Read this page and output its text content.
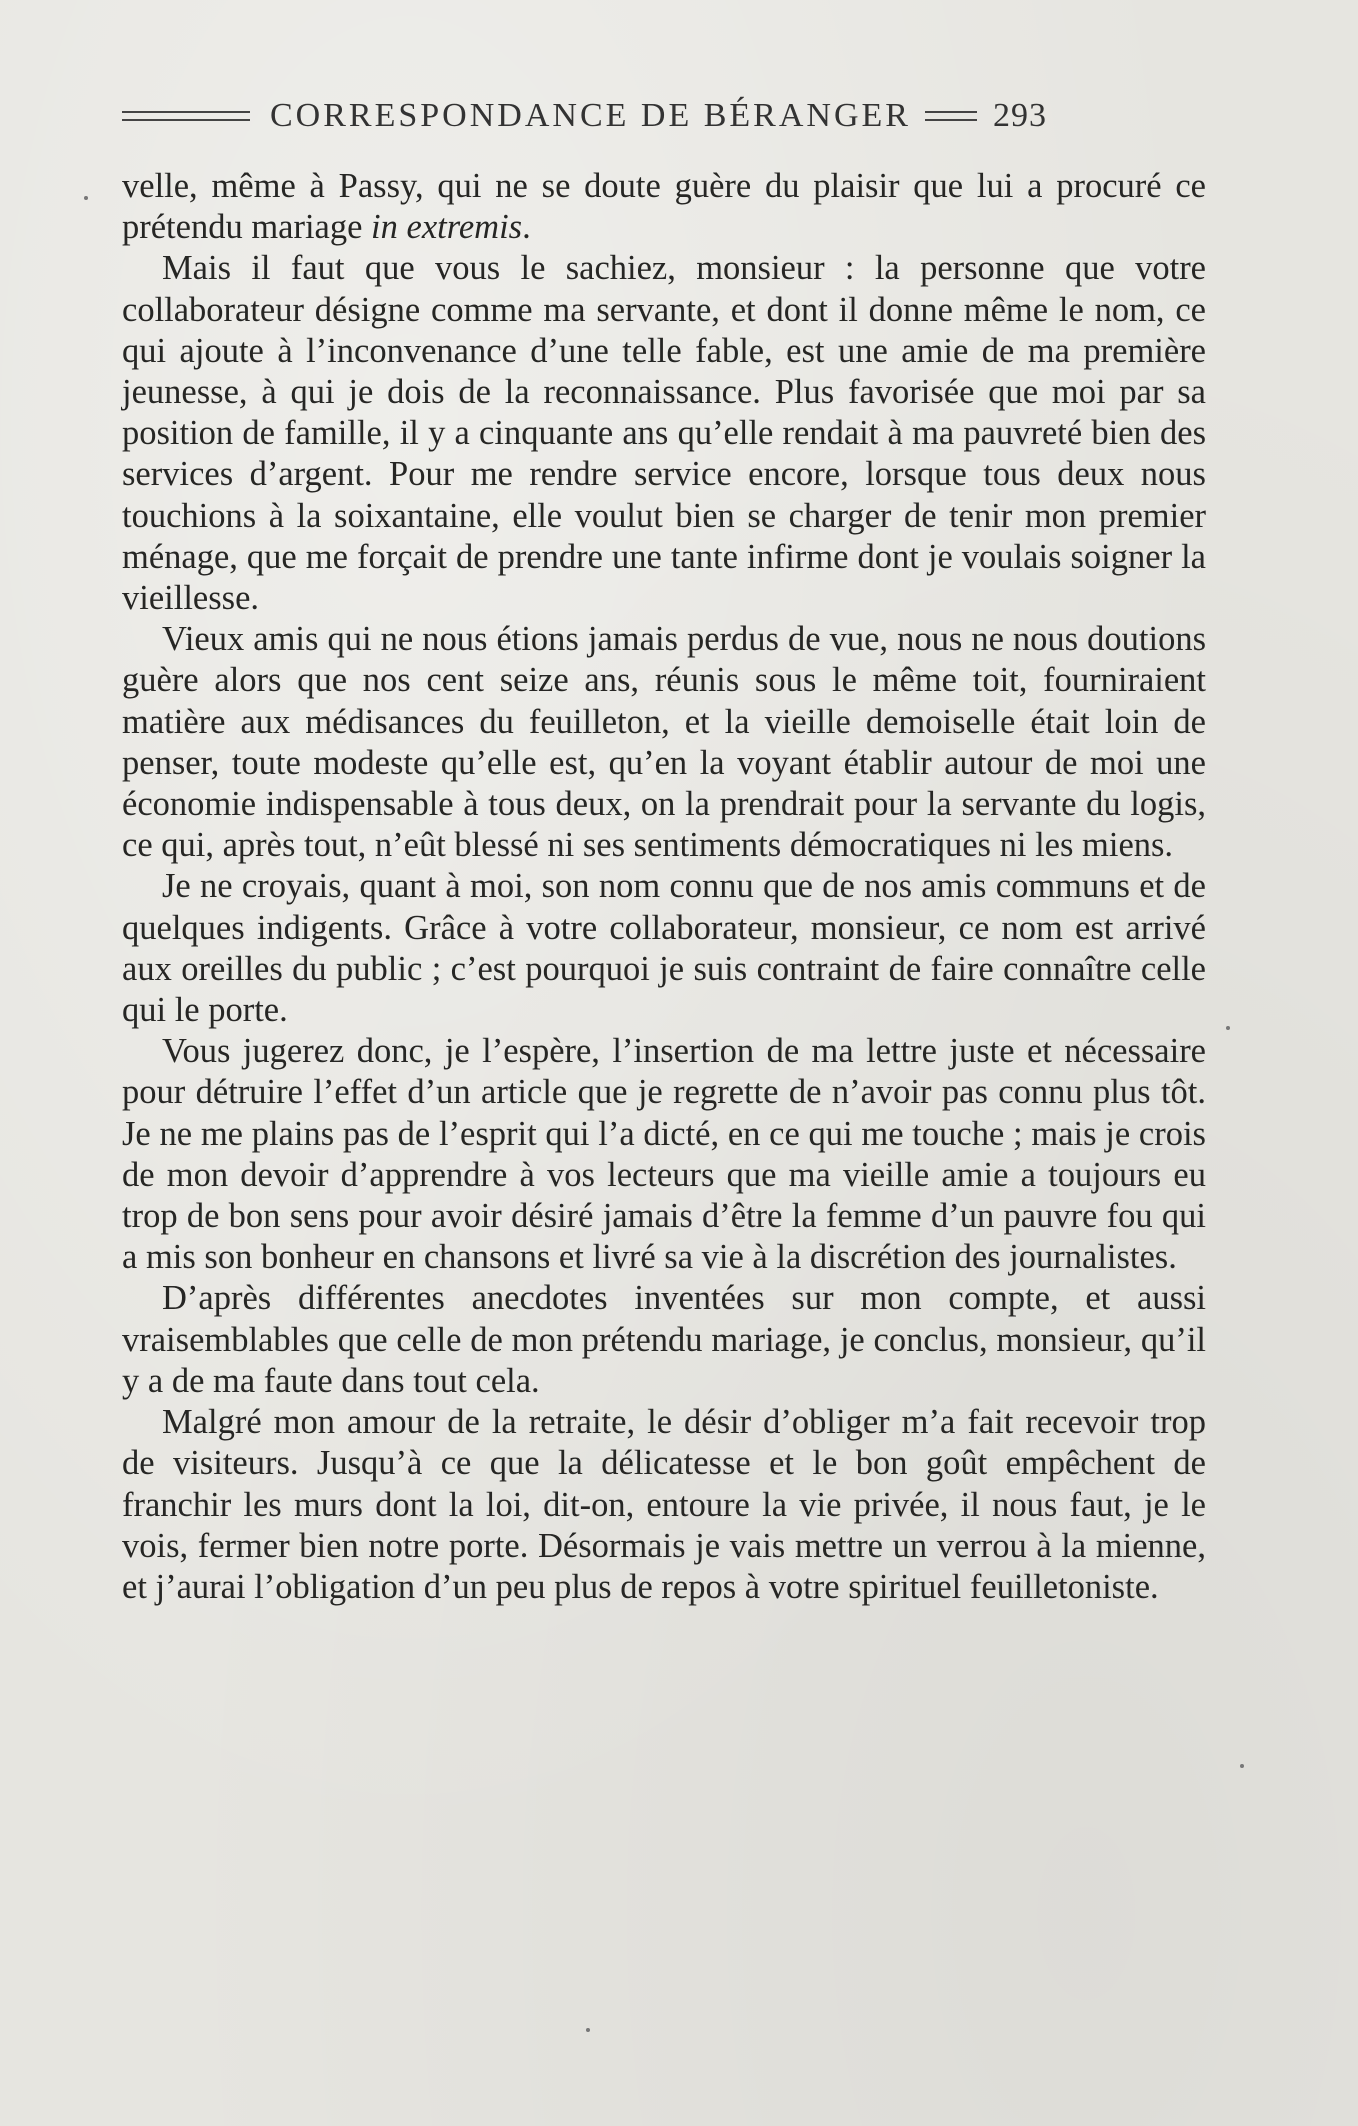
CORRESPONDANCE DE BÉRANGER 293

velle, même à Passy, qui ne se doute guère du plaisir que lui a procuré ce prétendu mariage in extremis.

Mais il faut que vous le sachiez, monsieur : la personne que votre collaborateur désigne comme ma servante, et dont il donne même le nom, ce qui ajoute à l’inconvenance d’une telle fable, est une amie de ma première jeunesse, à qui je dois de la reconnaissance. Plus favorisée que moi par sa position de famille, il y a cinquante ans qu’elle rendait à ma pauvreté bien des services d’argent. Pour me rendre service encore, lorsque tous deux nous touchions à la soixantaine, elle voulut bien se charger de tenir mon premier ménage, que me forçait de prendre une tante infirme dont je voulais soigner la vieillesse.

Vieux amis qui ne nous étions jamais perdus de vue, nous ne nous doutions guère alors que nos cent seize ans, réunis sous le même toit, fourniraient matière aux médisances du feuilleton, et la vieille demoiselle était loin de penser, toute modeste qu’elle est, qu’en la voyant établir autour de moi une économie indispensable à tous deux, on la prendrait pour la servante du logis, ce qui, après tout, n’eût blessé ni ses sentiments démocratiques ni les miens.

Je ne croyais, quant à moi, son nom connu que de nos amis communs et de quelques indigents. Grâce à votre collaborateur, monsieur, ce nom est arrivé aux oreilles du public ; c’est pourquoi je suis contraint de faire connaître celle qui le porte.

Vous jugerez donc, je l’espère, l’insertion de ma lettre juste et nécessaire pour détruire l’effet d’un article que je regrette de n’avoir pas connu plus tôt. Je ne me plains pas de l’esprit qui l’a dicté, en ce qui me touche ; mais je crois de mon devoir d’apprendre à vos lecteurs que ma vieille amie a toujours eu trop de bon sens pour avoir désiré jamais d’être la femme d’un pauvre fou qui a mis son bonheur en chansons et livré sa vie à la discrétion des journalistes.

D’après différentes anecdotes inventées sur mon compte, et aussi vraisemblables que celle de mon prétendu mariage, je conclus, monsieur, qu’il y a de ma faute dans tout cela.

Malgré mon amour de la retraite, le désir d’obliger m’a fait recevoir trop de visiteurs. Jusqu’à ce que la délicatesse et le bon goût empêchent de franchir les murs dont la loi, dit-on, entoure la vie privée, il nous faut, je le vois, fermer bien notre porte. Désormais je vais mettre un verrou à la mienne, et j’aurai l’obligation d’un peu plus de repos à votre spirituel feuilletoniste.
